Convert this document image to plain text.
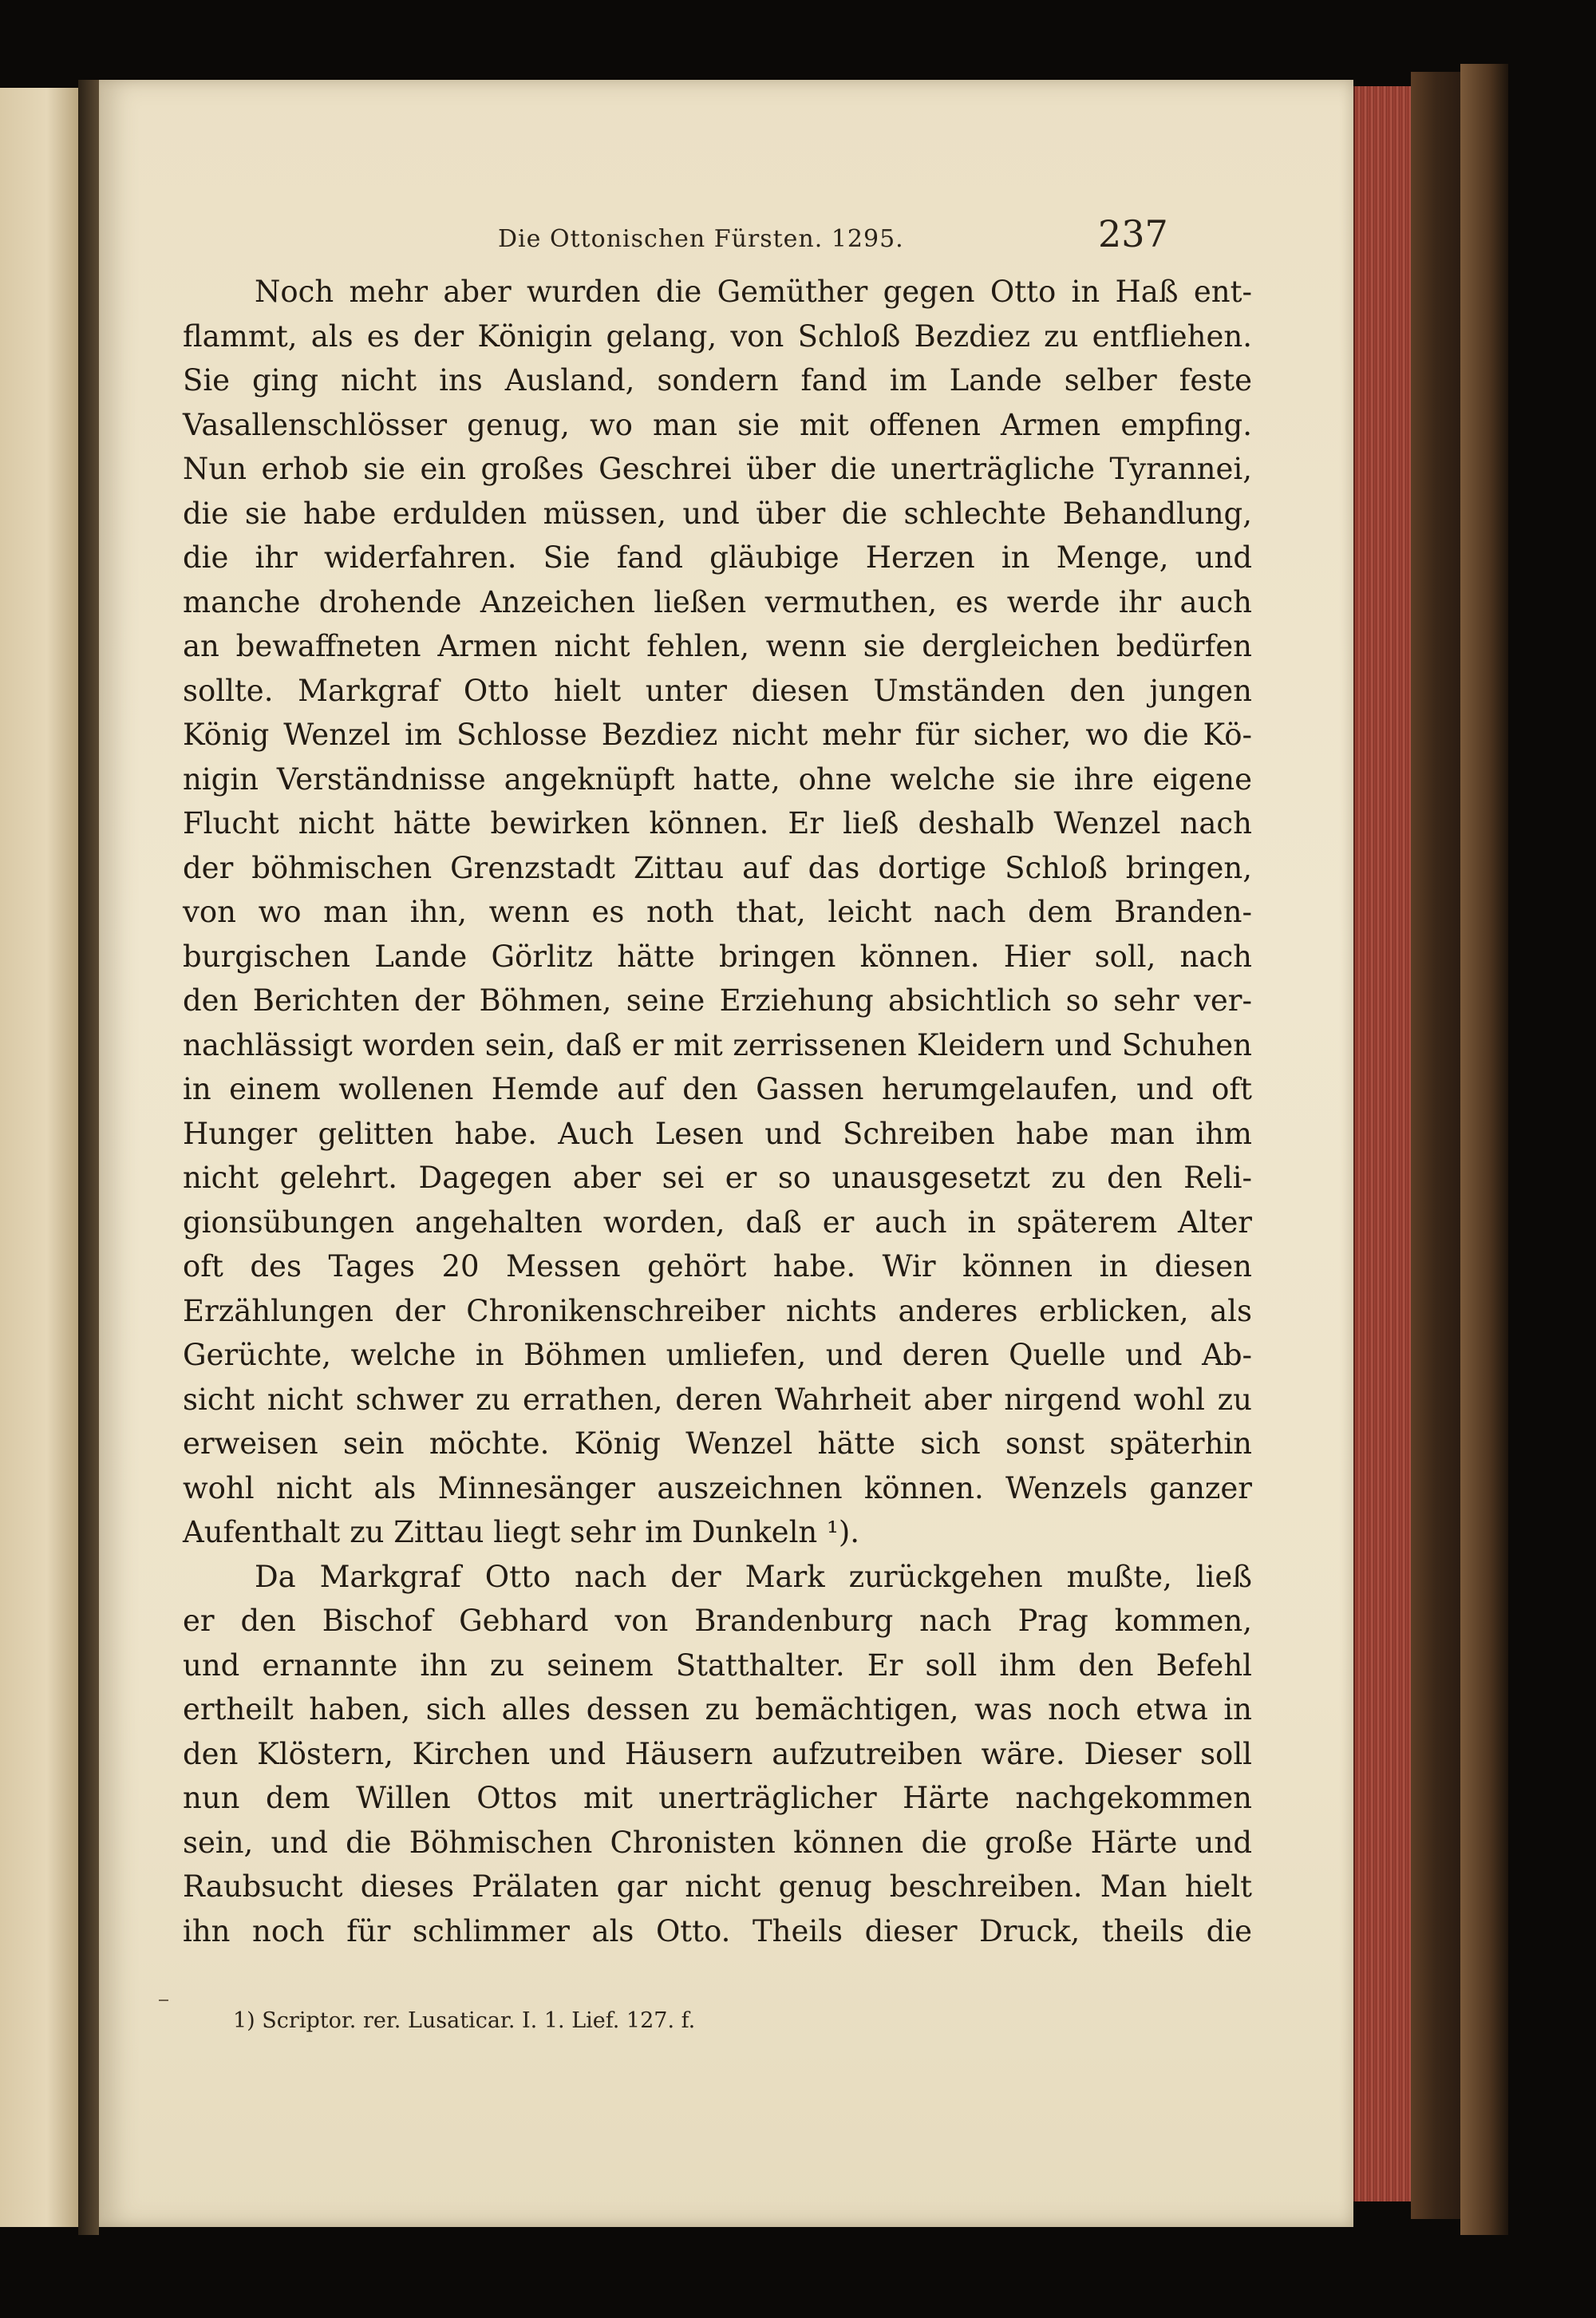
Die Ottonischen Fürsten. 1295.	237
Noch mehr aber wurden die Gemüther gegen Otto in Haß ent-
flammt, als es der Königin gelang, von Schloß Bezdiez zu entfliehen.
Sie ging nicht ins Ausland, sondern fand im Lande selber feste
Vasallenschlösser genug, wo man sie mit offenen Armen empfing.
Nun erhob sie ein großes Geschrei über die unerträgliche Tyrannei,
die sie habe erdulden müssen, und über die schlechte Behandlung,
die ihr widerfahren. Sie fand gläubige Herzen in Menge, und
manche drohende Anzeichen ließen vermuthen, es werde ihr auch
an bewaffneten Armen nicht fehlen, wenn sie dergleichen bedürfen
sollte. Markgraf Otto hielt unter diesen Umständen den jungen
König Wenzel im Schlosse Bezdiez nicht mehr für sicher, wo die Kö-
nigin Verständnisse angeknüpft hatte, ohne welche sie ihre eigene
Flucht nicht hätte bewirken können. Er ließ deshalb Wenzel nach
der böhmischen Grenzstadt Zittau auf das dortige Schloß bringen,
von wo man ihn, wenn es noth that, leicht nach dem Branden-
burgischen Lande Görlitz hätte bringen können. Hier soll, nach
den Berichten der Böhmen, seine Erziehung absichtlich so sehr ver-
nachlässigt worden sein, daß er mit zerrissenen Kleidern und Schuhen
in einem wollenen Hemde auf den Gassen herumgelaufen, und oft
Hunger gelitten habe. Auch Lesen und Schreiben habe man ihm
nicht gelehrt. Dagegen aber sei er so unausgesetzt zu den Reli-
gionsübungen angehalten worden, daß er auch in späterem Alter
oft des Tages 20 Messen gehört habe. Wir können in diesen
Erzählungen der Chronikenschreiber nichts anderes erblicken, als
Gerüchte, welche in Böhmen umliefen, und deren Quelle und Ab-
sicht nicht schwer zu errathen, deren Wahrheit aber nirgend wohl zu
erweisen sein möchte. König Wenzel hätte sich sonst späterhin
wohl nicht als Minnesänger auszeichnen können. Wenzels ganzer
Aufenthalt zu Zittau liegt sehr im Dunkeln ¹).
Da Markgraf Otto nach der Mark zurückgehen mußte, ließ
er den Bischof Gebhard von Brandenburg nach Prag kommen,
und ernannte ihn zu seinem Statthalter. Er soll ihm den Befehl
ertheilt haben, sich alles dessen zu bemächtigen, was noch etwa in
den Klöstern, Kirchen und Häusern aufzutreiben wäre. Dieser soll
nun dem Willen Ottos mit unerträglicher Härte nachgekommen
sein, und die Böhmischen Chronisten können die große Härte und
Raubsucht dieses Prälaten gar nicht genug beschreiben. Man hielt
ihn noch für schlimmer als Otto. Theils dieser Druck, theils die
1) Scriptor. rer. Lusaticar. I. 1. Lief. 127. f.
